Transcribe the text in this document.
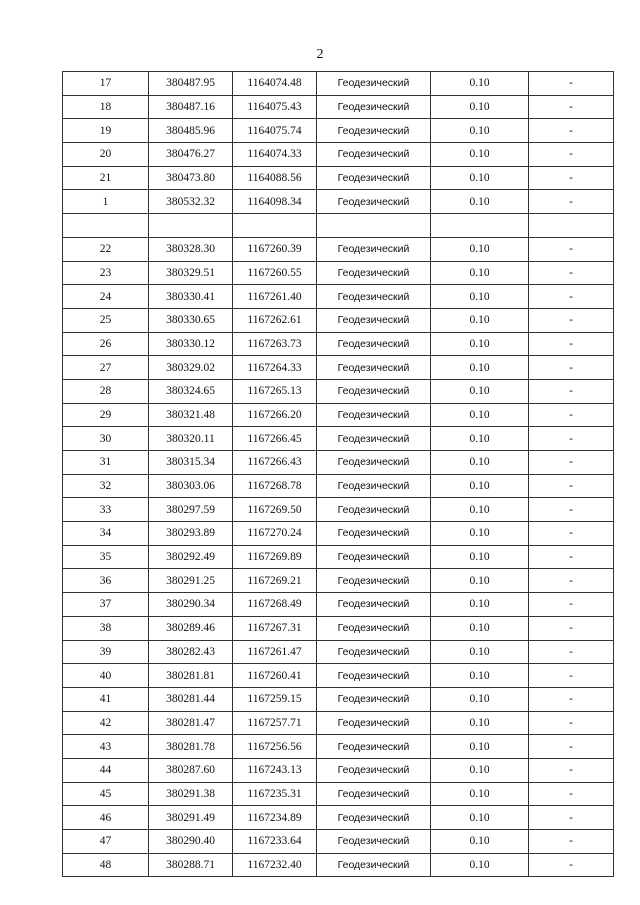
2
17	380487.95	1164074.48	Геодезический	0.10	-
18	380487.16	1164075.43	Геодезический	0.10	-
19	380485.96	1164075.74	Геодезический	0.10	-
20	380476.27	1164074.33	Геодезический	0.10	-
21	380473.80	1164088.56	Геодезический	0.10	-
1	380532.32	1164098.34	Геодезический	0.10	-

22	380328.30	1167260.39	Геодезический	0.10	-
23	380329.51	1167260.55	Геодезический	0.10	-
24	380330.41	1167261.40	Геодезический	0.10	-
25	380330.65	1167262.61	Геодезический	0.10	-
26	380330.12	1167263.73	Геодезический	0.10	-
27	380329.02	1167264.33	Геодезический	0.10	-
28	380324.65	1167265.13	Геодезический	0.10	-
29	380321.48	1167266.20	Геодезический	0.10	-
30	380320.11	1167266.45	Геодезический	0.10	-
31	380315.34	1167266.43	Геодезический	0.10	-
32	380303.06	1167268.78	Геодезический	0.10	-
33	380297.59	1167269.50	Геодезический	0.10	-
34	380293.89	1167270.24	Геодезический	0.10	-
35	380292.49	1167269.89	Геодезический	0.10	-
36	380291.25	1167269.21	Геодезический	0.10	-
37	380290.34	1167268.49	Геодезический	0.10	-
38	380289.46	1167267.31	Геодезический	0.10	-
39	380282.43	1167261.47	Геодезический	0.10	-
40	380281.81	1167260.41	Геодезический	0.10	-
41	380281.44	1167259.15	Геодезический	0.10	-
42	380281.47	1167257.71	Геодезический	0.10	-
43	380281.78	1167256.56	Геодезический	0.10	-
44	380287.60	1167243.13	Геодезический	0.10	-
45	380291.38	1167235.31	Геодезический	0.10	-
46	380291.49	1167234.89	Геодезический	0.10	-
47	380290.40	1167233.64	Геодезический	0.10	-
48	380288.71	1167232.40	Геодезический	0.10	-
